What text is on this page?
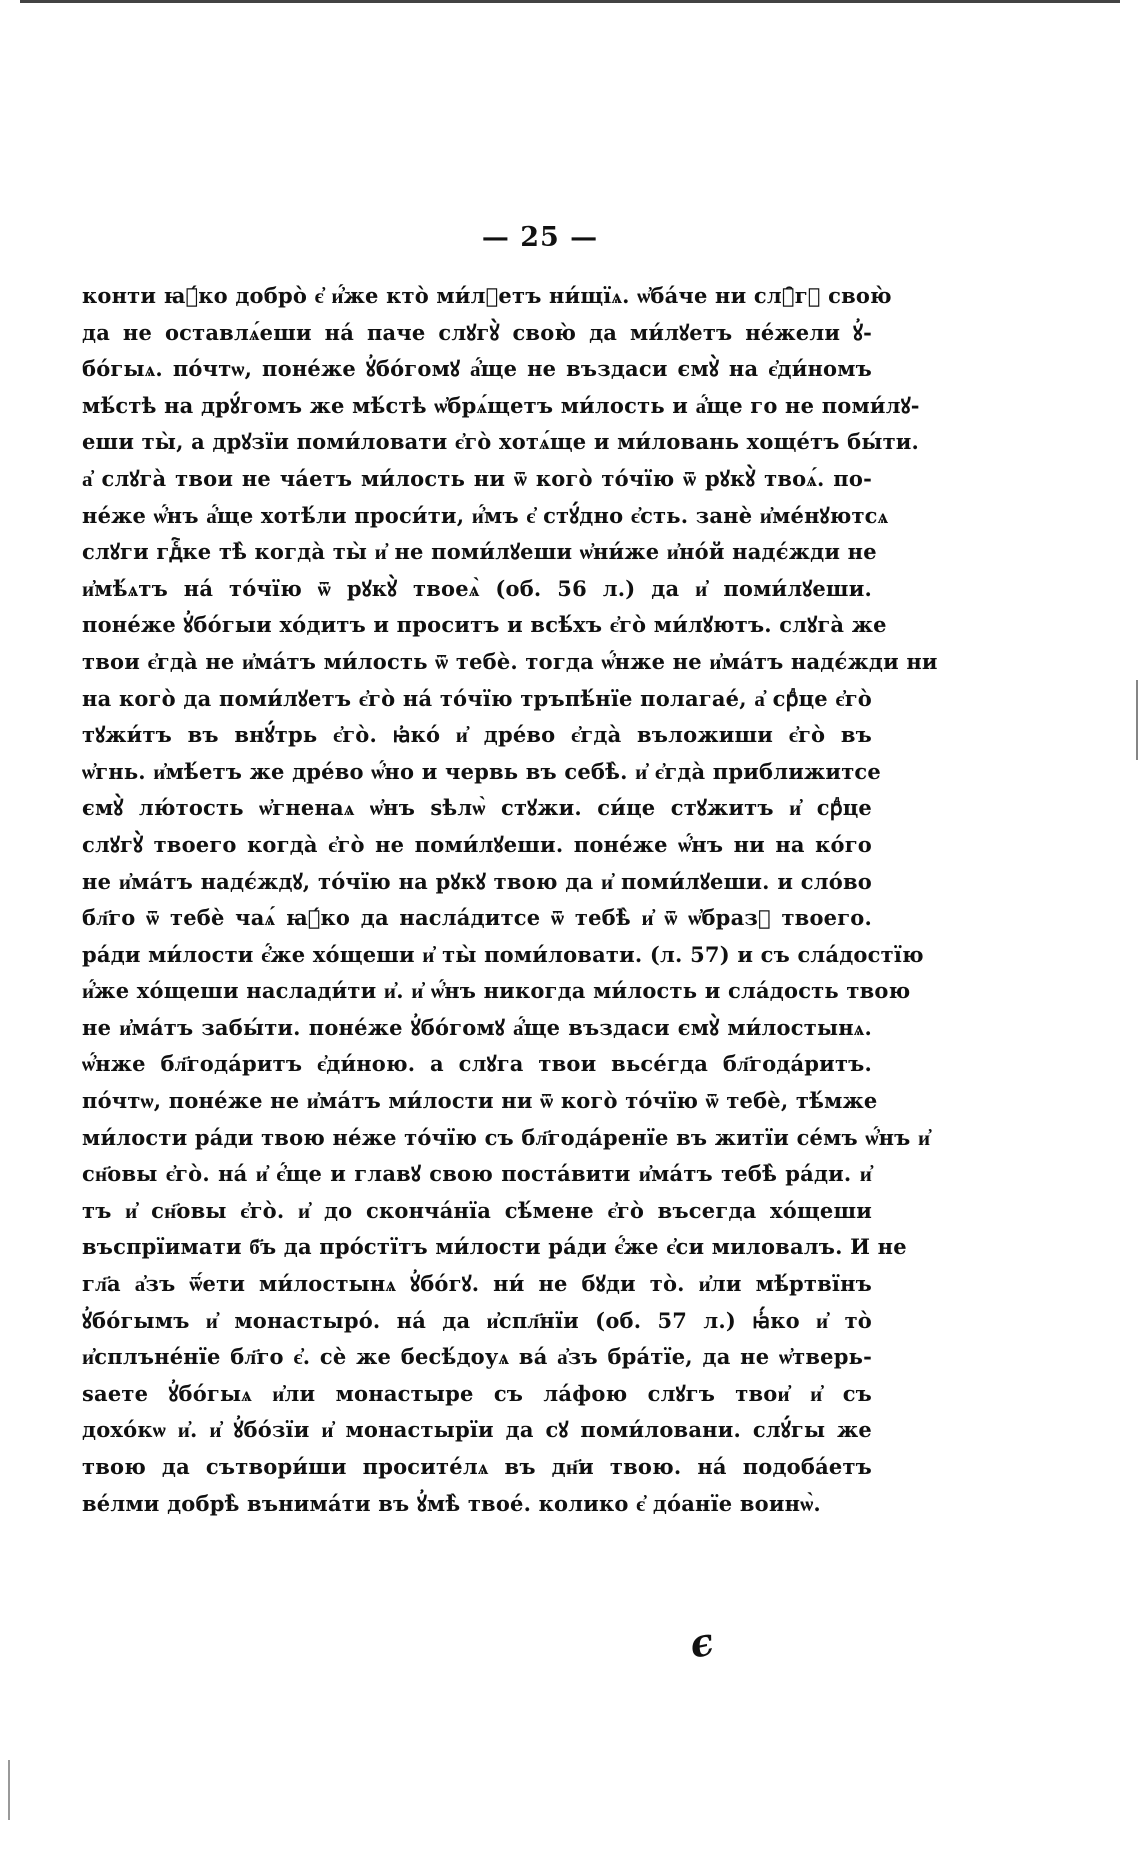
— 25 —
конти ꙗ҆́ко добро̀ є҆ и҆́же кто̀ ми́лꙋетъ ни́щїѧ. ѡ҆ба́че ни слꙋ̑гꙋ свою̀
да не оставлѧ́еши на́ паче слꙋгꙋ̀ свою̀ да ми́лꙋетъ не́жели ꙋ҆-
бо́гыѧ. по́чтѡ, поне́же ꙋ҆бо́гомꙋ а҆́ще не въздаси ємꙋ̀ на є҆ди́номъ
мѣ́стѣ на дрꙋ́гомъ же мѣ́стѣ ѡ҆брѧ́щетъ ми́лость и а҆́ще го не поми́лꙋ-
еши ты̀, а дрꙋзїи поми́ловати є҆го̀ хотѧ́ще и ми́ловань хоще́тъ бы́ти.
а҆ слꙋга̀ твои не ча́етъ ми́лость ни ѿ кого̀ то́чїю ѿ рꙋкꙋ̀ твоѧ́. по-
не́же ѡ҆́нъ а҆́ще хотѣ́ли проси́ти, и҆́мъ є҆ стꙋ́дно є҆сть. занѐ и҆ме́нꙋютсѧ
слꙋги гдⷭ҇ке тѣ̀ когда̀ ты̀ и҆ не поми́лꙋеши ѡ҆ни́же и҆но́й надє́жди не
и҆мѣ́ѧтъ на́ то́чїю ѿ рꙋкꙋ̀ твоеѧ̀ (об. 56 л.) да и҆ поми́лꙋеши.
поне́же ꙋ҆бо́гыи хо́дитъ и проситъ и всѣ́хъ є҆го̀ ми́лꙋютъ. слꙋга̀ же
твои є҆гда̀ не и҆ма́тъ ми́лость ѿ тебѐ. тогда ѡ҆́нже не и҆ма́тъ надє́жди ни
на кого̀ да поми́лꙋетъ є҆го̀ на́ то́чїю тръпѣ́нїе полагае́, а҆ срⷣце є҆го̀
тꙋжи́тъ въ внꙋ́трь є҆го̀. ꙗ҆ко́ и҆ дре́во є҆гда̀ въложиши є҆го̀ въ
ѡ҆гнь. и҆мѣ́етъ же дре́во ѡ҆́но и червь въ себѣ̀. и҆ є҆гда̀ приближитсе
ємꙋ̀ лю́тость ѡ҆гненаѧ ѡ҆нъ ѕѣлѡ̀ стꙋжи. си́це стꙋжитъ и҆ срⷣце
слꙋгꙋ̀ твоего когда̀ є҆го̀ не поми́лꙋеши. поне́же ѡ҆́нъ ни на ко́го
не и҆ма́тъ надє́ждꙋ, то́чїю на рꙋкꙋ твою да и҆ поми́лꙋеши. и сло́во
бл҃го ѿ тебѐ чаѧ́ ꙗ҆́ко да насла́дитсе ѿ тебѣ̀ и҆ ѿ ѡ҆бразꙋ твоего.
ра́ди ми́лости є҆́же хо́щеши и҆ ты̀ поми́ловати. (л. 57) и съ сла́достїю
и҆́же хо́щеши наслади́ти и҆. и҆ ѡ҆́нъ никогда ми́лость и сла́дость твою
не и҆ма́тъ забы́ти. поне́же ꙋ҆бо́гомꙋ а҆́ще въздаси ємꙋ̀ ми́лостынѧ.
ѡ҆́нже бл҃года́ритъ є҆ди́ною. а слꙋга твои вьсе́гда бл҃года́ритъ.
по́чтѡ, поне́же не и҆ма́тъ ми́лости ни ѿ кого̀ то́чїю ѿ тебѐ, тѣ́мже
ми́лости ра́ди твою не́же то́чїю съ бл҃года́ренїе въ житїи се́мъ ѡ҆́нъ и҆
сн҃овы є҆го̀. на́ и҆ є҆́ще и главꙋ свою поста́вити и҆ма́тъ тебѣ̀ ра́ди. и҆
тъ и҆ сн҃овы є҆го̀. и҆ до сконча́нїа сѣ́мене є҆го̀ въсегда хо́щеши
въспрїимати б҃ъ да про́стїтъ ми́лости ра́ди є҆́же є҆си миловалъ. И не
гл҃а а҆зъ ѿ́ети ми́лостынѧ ꙋ҆бо́гꙋ. ни́ не бꙋди то̀. и҆ли мѣ́ртвїнъ
ꙋ҆бо́гымъ и҆ монастыро́. на́ да и҆спл҃нїи (об. 57 л.) ꙗ҆́ко и҆ то̀
и҆сплъне́нїе бл҃го є҆. сѐ же бесѣ́доуѧ ва́ а҆зъ бра́тїе, да не ѡ҆тверь-
ѕаете ꙋ҆бо́гыѧ и҆ли монастыре съ ла́фою слꙋгъ твои҆ и҆ съ
дохо́кѡ и҆. и҆ ꙋ҆бо́зїи и҆ монастырїи да сꙋ поми́ловани. слꙋ́гы же
твою да сътвори́ши просите́лѧ въ дн҃и твою. на́ подоба́етъ
ве́лми добрѣ̀ вънима́ти въ ꙋ҆мѣ̀ твое́. колико є҆ до́анїе воинѡ̀.
є
